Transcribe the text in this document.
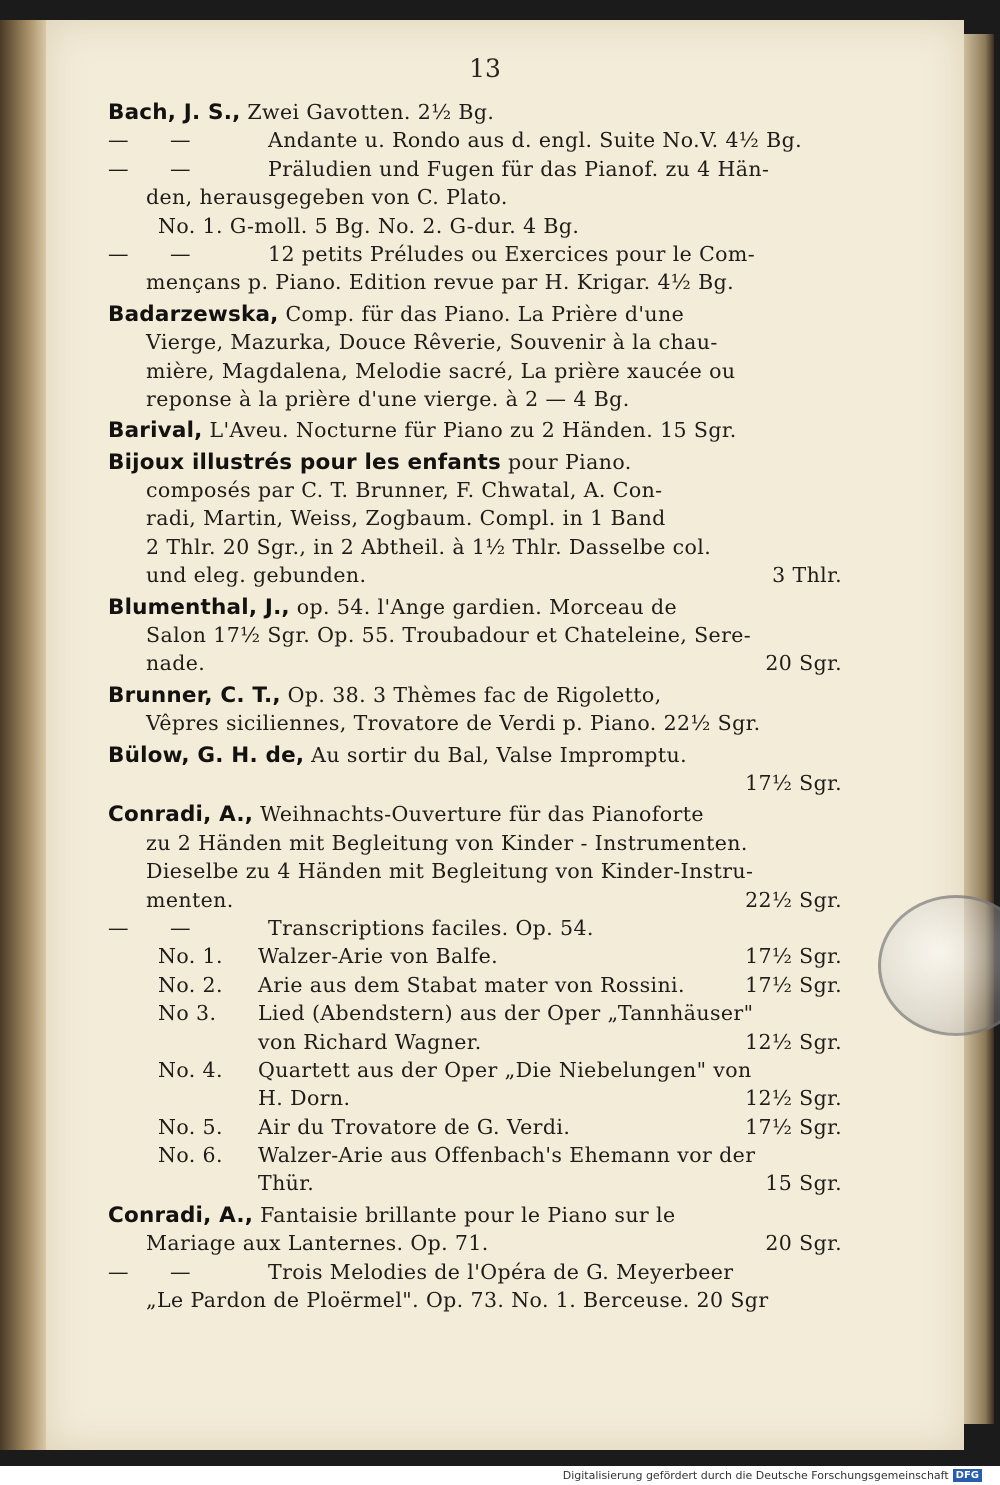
13
Bach, J. S., Zwei Gavotten. 2½ Bg.
— —	Andante u. Rondo aus d. engl. Suite No.V. 4½ Bg.
— —	Präludien und Fugen für das Pianof. zu 4 Hän-
den, herausgegeben von C. Plato.
No. 1. G-moll. 5 Bg. No. 2. G-dur. 4 Bg.
— —	12 petits Préludes ou Exercices pour le Com-
mençans p. Piano. Edition revue par H. Krigar. 4½ Bg.
Badarzewska, Comp. für das Piano. La Prière d'une
Vierge, Mazurka, Douce Rêverie, Souvenir à la chau-
mière, Magdalena, Melodie sacré, La prière xaucée ou
reponse à la prière d'une vierge. à 2 — 4 Bg.
Barival, L'Aveu. Nocturne für Piano zu 2 Händen. 15 Sgr.
Bijoux illustrés pour les enfants pour Piano.
composés par C. T. Brunner, F. Chwatal, A. Con-
radi, Martin, Weiss, Zogbaum. Compl. in 1 Band
2 Thlr. 20 Sgr., in 2 Abtheil. à 1½ Thlr. Dasselbe col.
und eleg. gebunden.	3 Thlr.
Blumenthal, J., op. 54. l'Ange gardien. Morceau de
Salon 17½ Sgr. Op. 55. Troubadour et Chateleine, Sere-
nade.	20 Sgr.
Brunner, C. T., Op. 38. 3 Thèmes fac de Rigoletto,
Vêpres siciliennes, Trovatore de Verdi p. Piano. 22½ Sgr.
Bülow, G. H. de, Au sortir du Bal, Valse Impromptu.
17½ Sgr.
Conradi, A., Weihnachts-Ouverture für das Pianoforte
zu 2 Händen mit Begleitung von Kinder - Instrumenten.
Dieselbe zu 4 Händen mit Begleitung von Kinder-Instru-
menten.	22½ Sgr.
— —	Transcriptions faciles. Op. 54.
No. 1. Walzer-Arie von Balfe.	17½ Sgr.
No. 2. Arie aus dem Stabat mater von Rossini.	17½ Sgr.
No 3. Lied (Abendstern) aus der Oper „Tannhäuser"
von Richard Wagner.	12½ Sgr.
No. 4. Quartett aus der Oper „Die Niebelungen" von
H. Dorn.	12½ Sgr.
No. 5. Air du Trovatore de G. Verdi.	17½ Sgr.
No. 6. Walzer-Arie aus Offenbach's Ehemann vor der
Thür.	15 Sgr.
Conradi, A., Fantaisie brillante pour le Piano sur le
Mariage aux Lanternes. Op. 71.	20 Sgr.
— —	Trois Melodies de l'Opéra de G. Meyerbeer
„Le Pardon de Ploërmel". Op. 73. No. 1. Berceuse. 20 Sgr
Digitalisierung gefördert durch die Deutsche Forschungsgemeinschaft DFG
